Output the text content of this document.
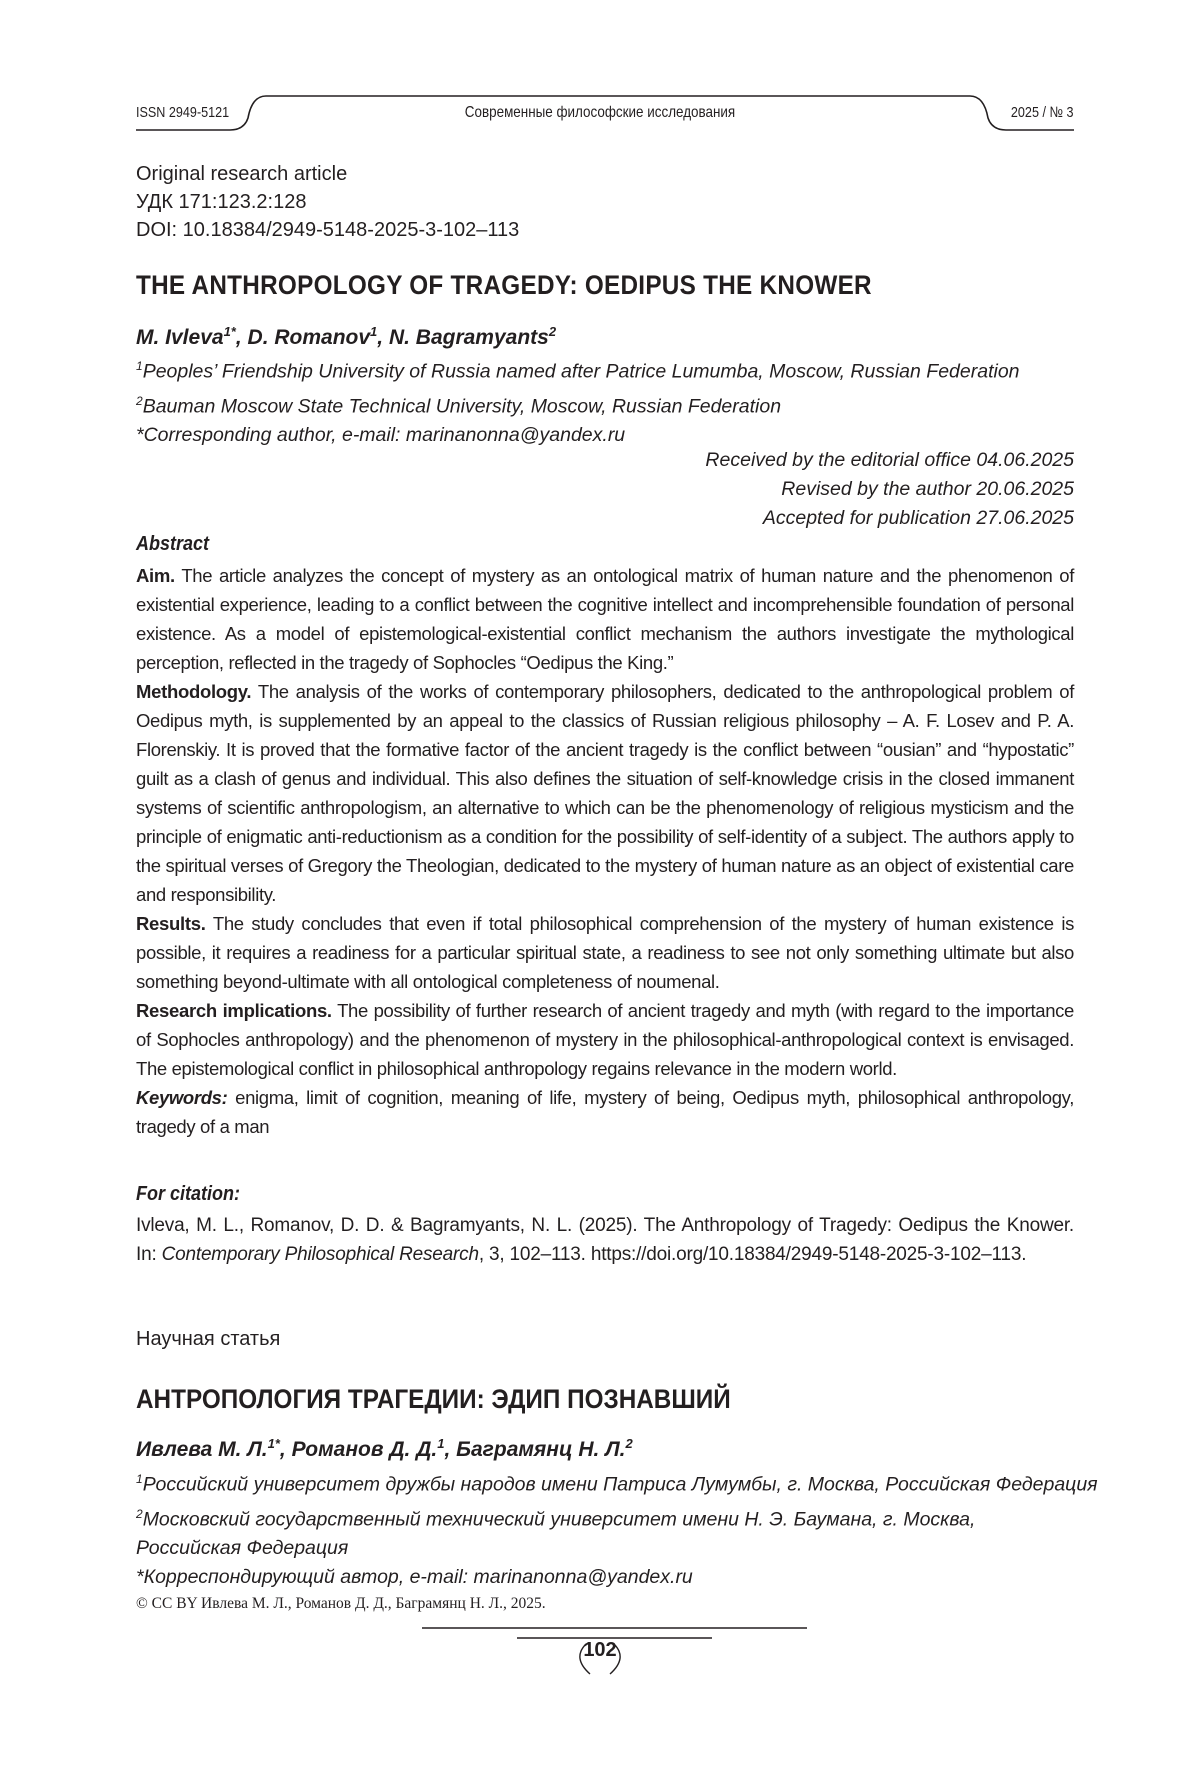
ISSN 2949-5121	Современные философские исследования	2025 / № 3
Original research article
УДК 171:123.2:128
DOI: 10.18384/2949-5148-2025-3-102–113
THE ANTHROPOLOGY OF TRAGEDY: OEDIPUS THE KNOWER
M. Ivleva1*, D. Romanov1, N. Bagramyants2
1Peoples’ Friendship University of Russia named after Patrice Lumumba, Moscow, Russian Federation
2Bauman Moscow State Technical University, Moscow, Russian Federation
*Corresponding author, e-mail: marinanonna@yandex.ru
Received by the editorial office 04.06.2025
Revised by the author 20.06.2025
Accepted for publication 27.06.2025
Abstract

Aim. The article analyzes the concept of mystery as an ontological matrix of human nature and the phenomenon of existential experience, leading to a conflict between the cognitive intellect and incomprehensible foundation of personal existence. As a model of epistemological-existential conflict mechanism the authors investigate the mythological perception, reflected in the tragedy of Sophocles “Oedipus the King.”

Methodology. The analysis of the works of contemporary philosophers, dedicated to the anthropological problem of Oedipus myth, is supplemented by an appeal to the classics of Russian religious philosophy – A. F. Losev and P. A. Florenskiy. It is proved that the formative factor of the ancient tragedy is the conflict between “ousian” and “hypostatic” guilt as a clash of genus and individual. This also defines the situation of self-knowledge crisis in the closed immanent systems of scientific anthropologism, an alternative to which can be the phenomenology of religious mysticism and the principle of enigmatic anti-reductionism as a condition for the possibility of self-identity of a subject. The authors apply to the spiritual verses of Gregory the Theologian, dedicated to the mystery of human nature as an object of existential care and responsibility.

Results. The study concludes that even if total philosophical comprehension of the mystery of human existence is possible, it requires a readiness for a particular spiritual state, a readiness to see not only something ultimate but also something beyond-ultimate with all ontological completeness of noumenal.

Research implications. The possibility of further research of ancient tragedy and myth (with regard to the importance of Sophocles anthropology) and the phenomenon of mystery in the philosophical-anthropological context is envisaged. The epistemological conflict in philosophical anthropology regains relevance in the modern world.

Keywords: enigma, limit of cognition, meaning of life, mystery of being, Oedipus myth, philosophical anthropology, tragedy of a man

For citation:

Ivleva, M. L., Romanov, D. D. & Bagramyants, N. L. (2025). The Anthropology of Tragedy: Oedipus the Knower. In: Contemporary Philosophical Research, 3, 102–113. https://doi.org/10.18384/2949-5148-2025-3-102–113.

Научная статья
АНТРОПОЛОГИЯ ТРАГЕДИИ: ЭДИП ПОЗНАВШИЙ
Ивлева М. Л.1*, Романов Д. Д.1, Баграмянц Н. Л.2
1Российский университет дружбы народов имени Патриса Лумумбы, г. Москва, Российская Федерация
2Московский государственный технический университет имени Н. Э. Баумана, г. Москва,
Российская Федерация
*Корреспондирующий автор, e-mail: marinanonna@yandex.ru
© CC BY Ивлева М. Л., Романов Д. Д., Баграмянц Н. Л., 2025.
102
